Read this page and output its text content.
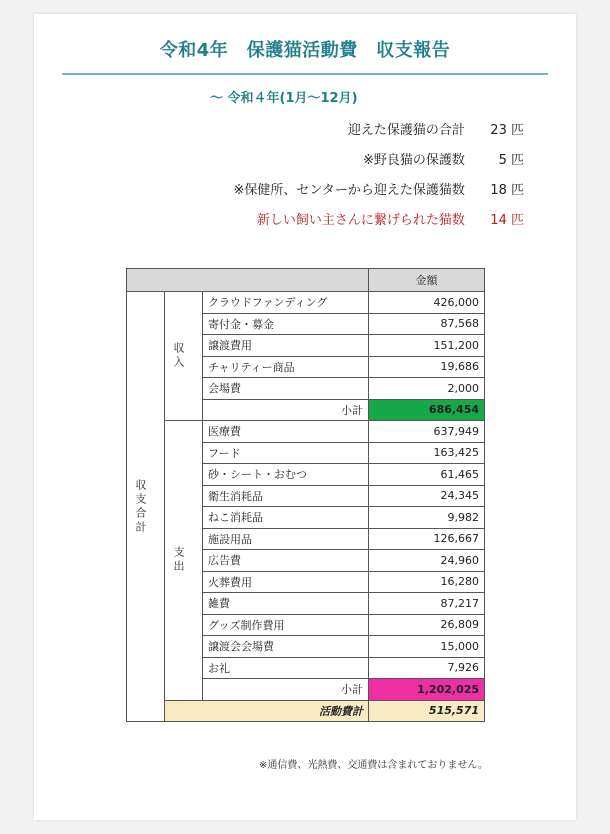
令和4年　保護猫活動費　収支報告
～ 令和４年(1月～12月)
迎えた保護猫の合計 23 匹
※野良猫の保護数	5 匹
※保健所、センターから迎えた保護猫数 18 匹
新しい飼い主さんに繋げられた猫数 14 匹
			金額

収支合計	収入	クラウドファンディング	426,000
		寄付金・募金	87,568
		譲渡費用	151,200
		チャリティー商品	19,686
		会場費	2,000
		小計	686,454

	支出	医療費	637,949
		フード	163,425
		砂・シート・おむつ	61,465
		衛生消耗品	24,345
		ねこ消耗品	9,982
		施設用品	126,667
		広告費	24,960
		火葬費用	16,280
		雑費	87,217
		グッズ制作費用	26,809
		譲渡会会場費	15,000
		お礼	7,926
		小計	1,202,025
	活動費計		515,571
※通信費、光熱費、交通費は含まれておりません。
